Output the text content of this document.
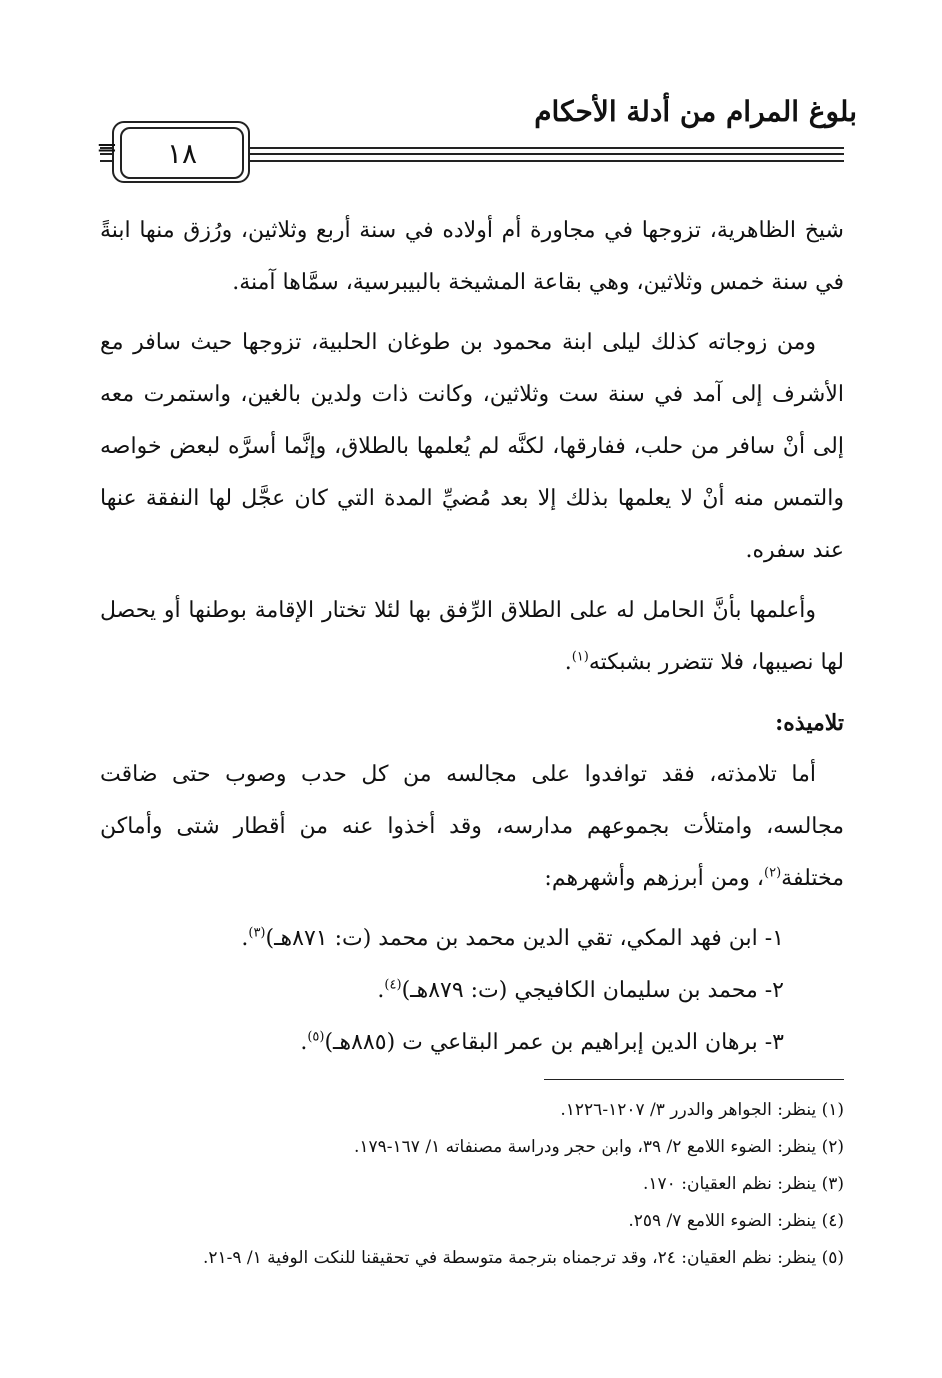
بلوغ المرام من أدلة الأحكام
١٨
=

شيخ الظاهرية، تزوجها في مجاورة أم أولاده في سنة أربع وثلاثين، ورُزق منها ابنةً في سنة خمس وثلاثين، وهي بقاعة المشيخة بالبيبرسية، سمَّاها آمنة.

ومن زوجاته كذلك ليلى ابنة محمود بن طوغان الحلبية، تزوجها حيث سافر مع الأشرف إلى آمد في سنة ست وثلاثين، وكانت ذات ولدين بالغين، واستمرت معه إلى أنْ سافر من حلب، ففارقها، لكنَّه لم يُعلمها بالطلاق، وإنَّما أسرَّه لبعض خواصه والتمس منه أنْ لا يعلمها بذلك إلا بعد مُضيِّ المدة التي كان عجَّل لها النفقة عنها عند سفره.

وأعلمها بأنَّ الحامل له على الطلاق الرِّفق بها لئلا تختار الإقامة بوطنها أو يحصل لها نصيبها، فلا تتضرر بشبكته$^{(١)}$.

تلاميذه:

أما تلامذته، فقد توافدوا على مجالسه من كل حدب وصوب حتى ضاقت مجالسه، وامتلأت بجموعهم مدارسه، وقد أخذوا عنه من أقطار شتى وأماكن مختلفة$^{(٢)}$، ومن أبرزهم وأشهرهم:

١- ابن فهد المكي، تقي الدين محمد بن محمد (ت: ٨٧١هـ)$^{(٣)}$.
٢- محمد بن سليمان الكافيجي (ت: ٨٧٩هـ)$^{(٤)}$.
٣- برهان الدين إبراهيم بن عمر البقاعي ت (٨٨٥هـ)$^{(٥)}$.
(١) ينظر: الجواهر والدرر ٣/ ١٢٠٧-١٢٢٦.
(٢) ينظر: الضوء اللامع ٢/ ٣٩، وابن حجر ودراسة مصنفاته ١/ ١٦٧-١٧٩.
(٣) ينظر: نظم العقيان: ١٧٠.
(٤) ينظر: الضوء اللامع ٧/ ٢٥٩.
(٥) ينظر: نظم العقيان: ٢٤، وقد ترجمناه بترجمة متوسطة في تحقيقنا للنكت الوفية ١/ ٩-٢١.
